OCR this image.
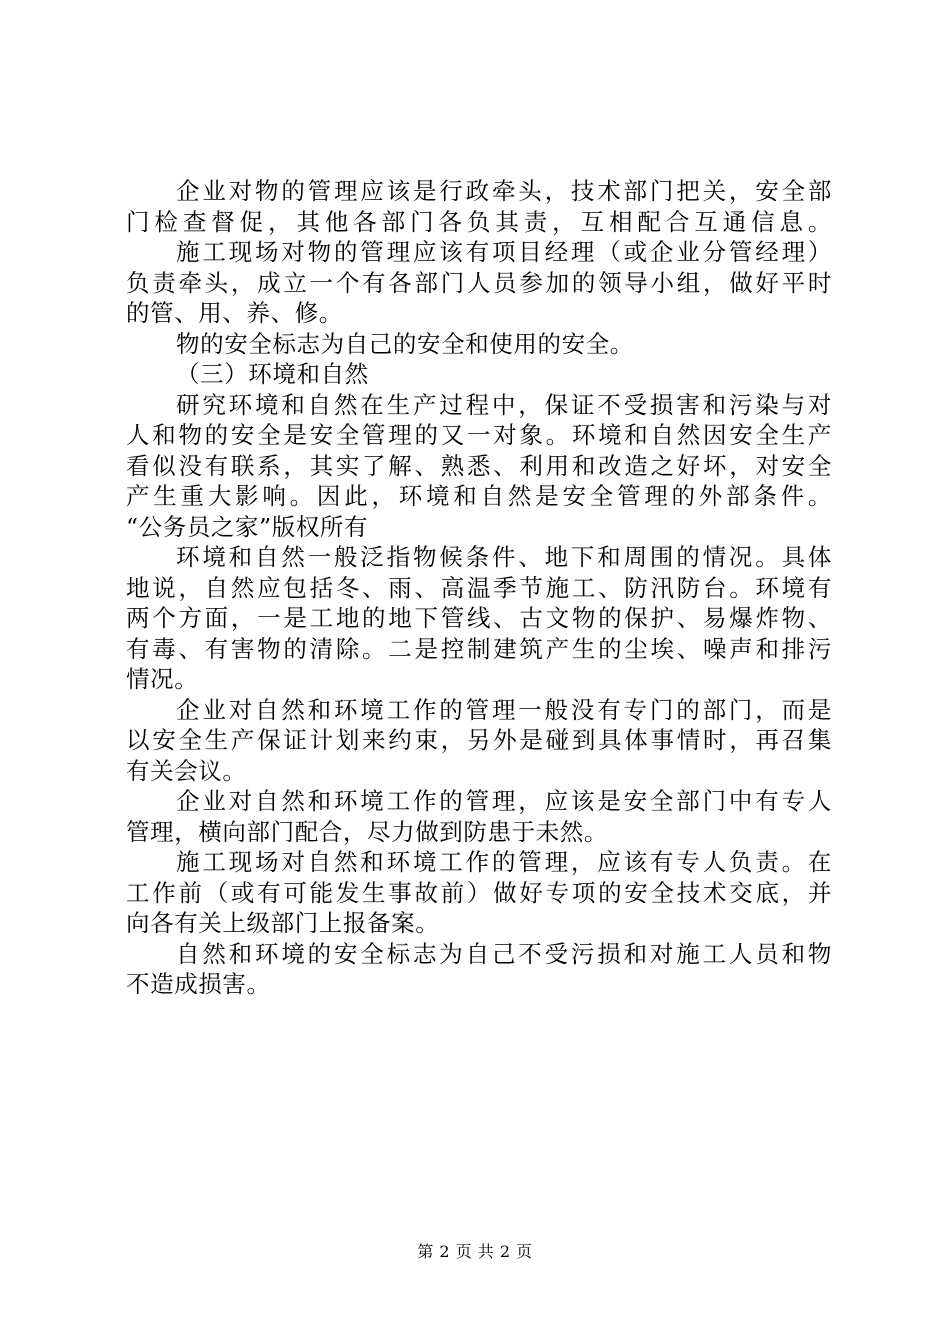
企业对物的管理应该是行政牵头，技术部门把关，安全部
门检查督促，其他各部门各负其责，互相配合互通信息。
施工现场对物的管理应该有项目经理（或企业分管经理）
负责牵头，成立一个有各部门人员参加的领导小组，做好平时
的管、用、养、修。
物的安全标志为自己的安全和使用的安全。
（三）环境和自然
研究环境和自然在生产过程中，保证不受损害和污染与对
人和物的安全是安全管理的又一对象。环境和自然因安全生产
看似没有联系，其实了解、熟悉、利用和改造之好坏，对安全
产生重大影响。因此，环境和自然是安全管理的外部条件。
“公务员之家”版权所有
环境和自然一般泛指物候条件、地下和周围的情况。具体
地说，自然应包括冬、雨、高温季节施工、防汛防台。环境有
两个方面，一是工地的地下管线、古文物的保护、易爆炸物、
有毒、有害物的清除。二是控制建筑产生的尘埃、噪声和排污
情况。
企业对自然和环境工作的管理一般没有专门的部门，而是
以安全生产保证计划来约束，另外是碰到具体事情时，再召集
有关会议。
企业对自然和环境工作的管理，应该是安全部门中有专人
管理，横向部门配合，尽力做到防患于未然。
施工现场对自然和环境工作的管理，应该有专人负责。在
工作前（或有可能发生事故前）做好专项的安全技术交底，并
向各有关上级部门上报备案。
自然和环境的安全标志为自己不受污损和对施工人员和物
不造成损害。
第 2 页 共 2 页
